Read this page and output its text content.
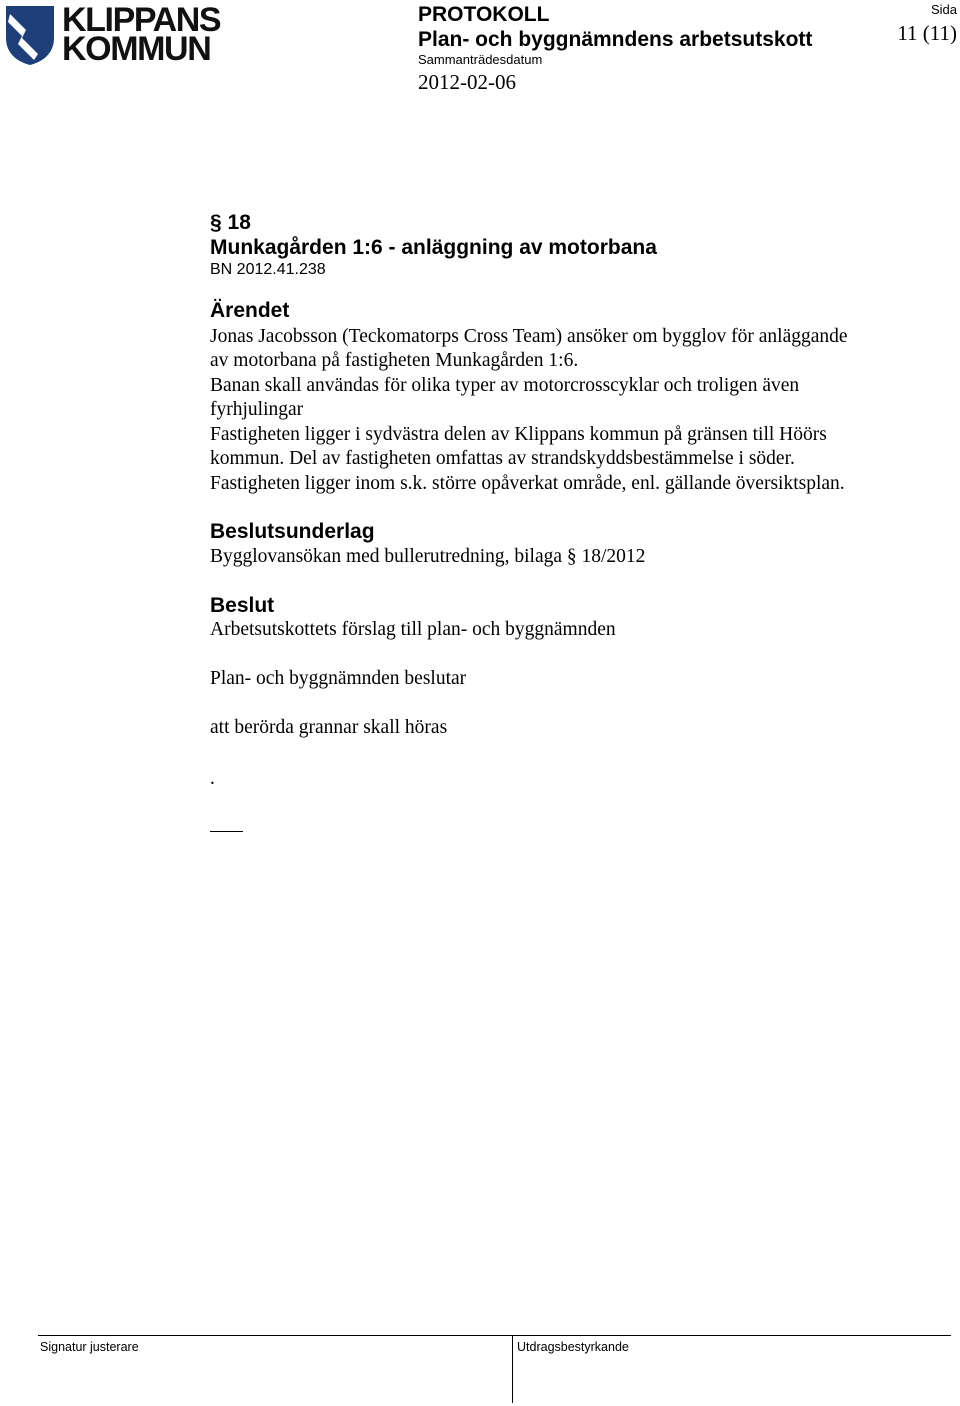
KLIPPANS
KOMMUN
PROTOKOLL
Plan- och byggnämndens arbetsutskott
Sammanträdesdatum
2012-02-06
Sida
11 (11)
§ 18
Munkagården 1:6 - anläggning av motorbana
BN 2012.41.238
Ärendet
Jonas Jacobsson (Teckomatorps Cross Team) ansöker om bygglov för anläggande
av motorbana på fastigheten Munkagården 1:6.
Banan skall användas för olika typer av motorcrosscyklar och troligen även
fyrhjulingar
Fastigheten ligger i sydvästra delen av Klippans kommun på gränsen till Höörs
kommun. Del av fastigheten omfattas av strandskyddsbestämmelse i söder.
Fastigheten ligger inom s.k. större opåverkat område, enl. gällande översiktsplan.
Beslutsunderlag
Bygglovansökan med bullerutredning, bilaga § 18/2012
Beslut
Arbetsutskottets förslag till plan- och byggnämnden
Plan- och byggnämnden beslutar
att berörda grannar skall höras
.
Signatur justerare	Utdragsbestyrkande
